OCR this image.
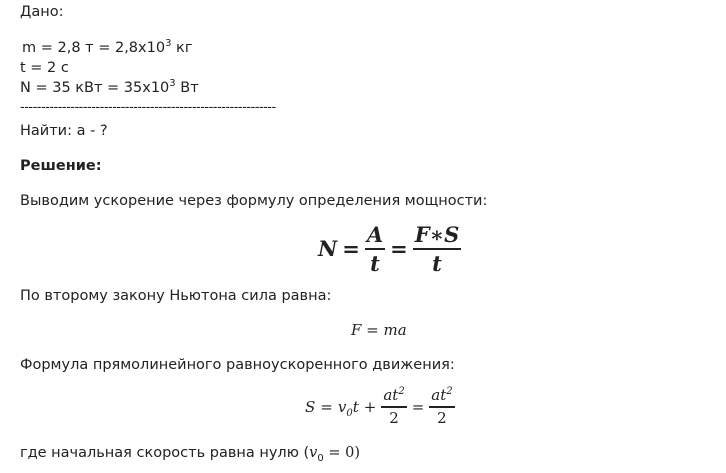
Дано:
m = 2,8 $т = 2,8х10^3$ кг
t = 2 с
N = 35 кВт = $35х10^3$ Вт
-------------------------------------------------------------
Найти: а - ?
Решение:
Выводим ускорение через формулу определения мощности:
$N = \frac{A}{t} = \frac{F∗S}{t}$
По второму закону Ньютона сила равна:
F = ma
Формула прямолинейного равноускоренного движения:
$S = v_0t + \frac{at^2}{2} = \frac{at^2}{2}$
где начальная скорость равна нулю $(v_0 = 0)$
